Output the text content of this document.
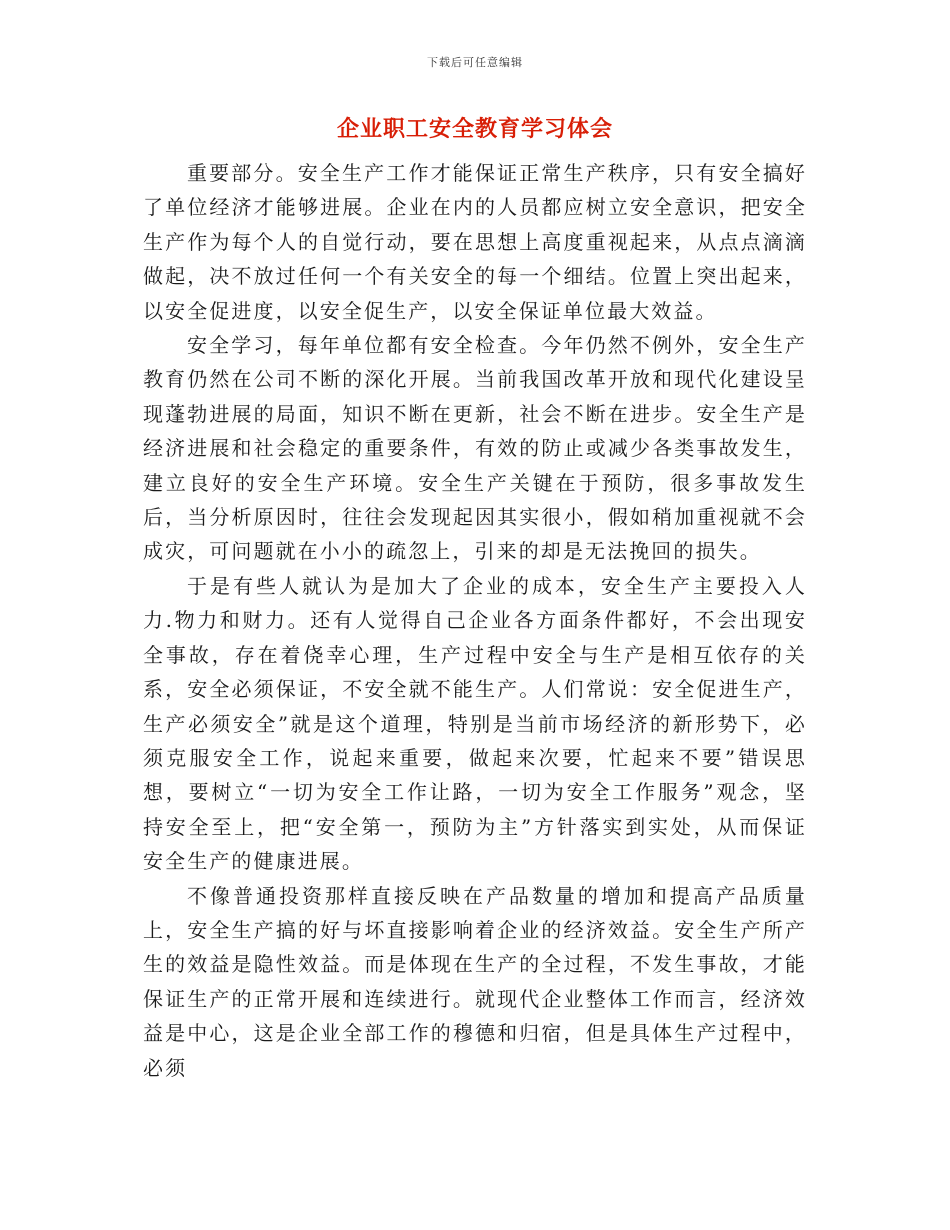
下载后可任意编辑
企业职工安全教育学习体会

重要部分。安全生产工作才能保证正常生产秩序，只有安全搞好了单位经济才能够进展。企业在内的人员都应树立安全意识，把安全生产作为每个人的自觉行动，要在思想上高度重视起来，从点点滴滴做起，决不放过任何一个有关安全的每一个细结。位置上突出起来，以安全促进度，以安全促生产，以安全保证单位最大效益。

安全学习，每年单位都有安全检查。今年仍然不例外，安全生产教育仍然在公司不断的深化开展。当前我国改革开放和现代化建设呈现蓬勃进展的局面，知识不断在更新，社会不断在进步。安全生产是经济进展和社会稳定的重要条件，有效的防止或减少各类事故发生，建立良好的安全生产环境。安全生产关键在于预防，很多事故发生后，当分析原因时，往往会发现起因其实很小，假如稍加重视就不会成灾，可问题就在小小的疏忽上，引来的却是无法挽回的损失。

于是有些人就认为是加大了企业的成本，安全生产主要投入人力.物力和财力。还有人觉得自己企业各方面条件都好，不会出现安全事故，存在着侥幸心理，生产过程中安全与生产是相互依存的关系，安全必须保证，不安全就不能生产。人们常说：安全促进生产，生产必须安全”就是这个道理，特别是当前市场经济的新形势下，必须克服安全工作，说起来重要，做起来次要，忙起来不要”错误思想，要树立“一切为安全工作让路，一切为安全工作服务”观念，坚持安全至上，把“安全第一，预防为主”方针落实到实处，从而保证安全生产的健康进展。

不像普通投资那样直接反映在产品数量的增加和提高产品质量上，安全生产搞的好与坏直接影响着企业的经济效益。安全生产所产生的效益是隐性效益。而是体现在生产的全过程，不发生事故，才能保证生产的正常开展和连续进行。就现代企业整体工作而言，经济效益是中心，这是企业全部工作的穆德和归宿，但是具体生产过程中，必须
